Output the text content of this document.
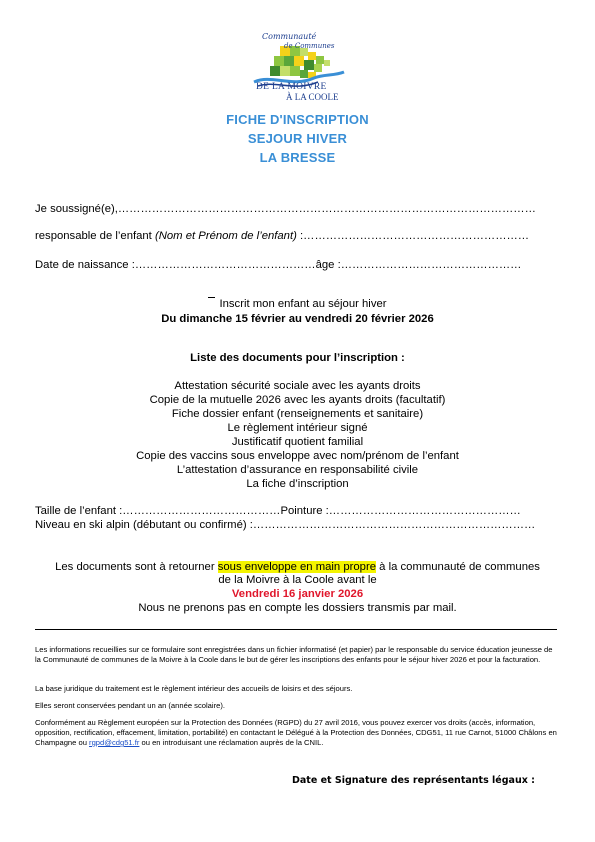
Communauté
de Communes
DE LA MOIVRE
À LA COOLE
FICHE D'INSCRIPTION
SEJOUR HIVER
LA BRESSE
Je soussigné(e),…………………………………………………………………………………………………
responsable de l’enfant (Nom et Prénom de l’enfant) :……………………………………………………
Date de naissance :…………………………………………âge :…………………………………………
Inscrit mon enfant au séjour hiver
Du dimanche 15 février au vendredi 20 février 2026
Liste des documents pour l’inscription :
Attestation sécurité sociale avec les ayants droits
Copie de la mutuelle 2026 avec les ayants droits (facultatif)
Fiche dossier enfant (renseignements et sanitaire)
Le règlement intérieur signé
Justificatif quotient familial
Copie des vaccins sous enveloppe avec nom/prénom de l’enfant
L’attestation d’assurance en responsabilité civile
La fiche d’inscription
Taille de l’enfant :……………………………………Pointure :……………………………………………
Niveau en ski alpin (débutant ou confirmé) :…………………………………………………………………
Les documents sont à retourner sous enveloppe en main propre à la communauté de communes
de la Moivre à la Coole avant le
Vendredi 16 janvier 2026
Nous ne prenons pas en compte les dossiers transmis par mail.
Les informations recueillies sur ce formulaire sont enregistrées dans un fichier informatisé (et papier) par le responsable du service éducation jeunesse de la Communauté de communes de la Moivre à la Coole dans le but de gérer les inscriptions des enfants pour le séjour hiver 2026 et pour la facturation.
La base juridique du traitement est le règlement intérieur des accueils de loisirs et des séjours.
Elles seront conservées pendant un an (année scolaire).
Conformément au Règlement européen sur la Protection des Données (RGPD) du 27 avril 2016, vous pouvez exercer vos droits (accès, information, opposition, rectification, effacement, limitation, portabilité) en contactant le Délégué à la Protection des Données, CDG51, 11 rue Carnot, 51000 Châlons en Champagne ou rgpd@cdg51.fr ou en introduisant une réclamation auprès de la CNIL.
Date et Signature des représentants légaux :
